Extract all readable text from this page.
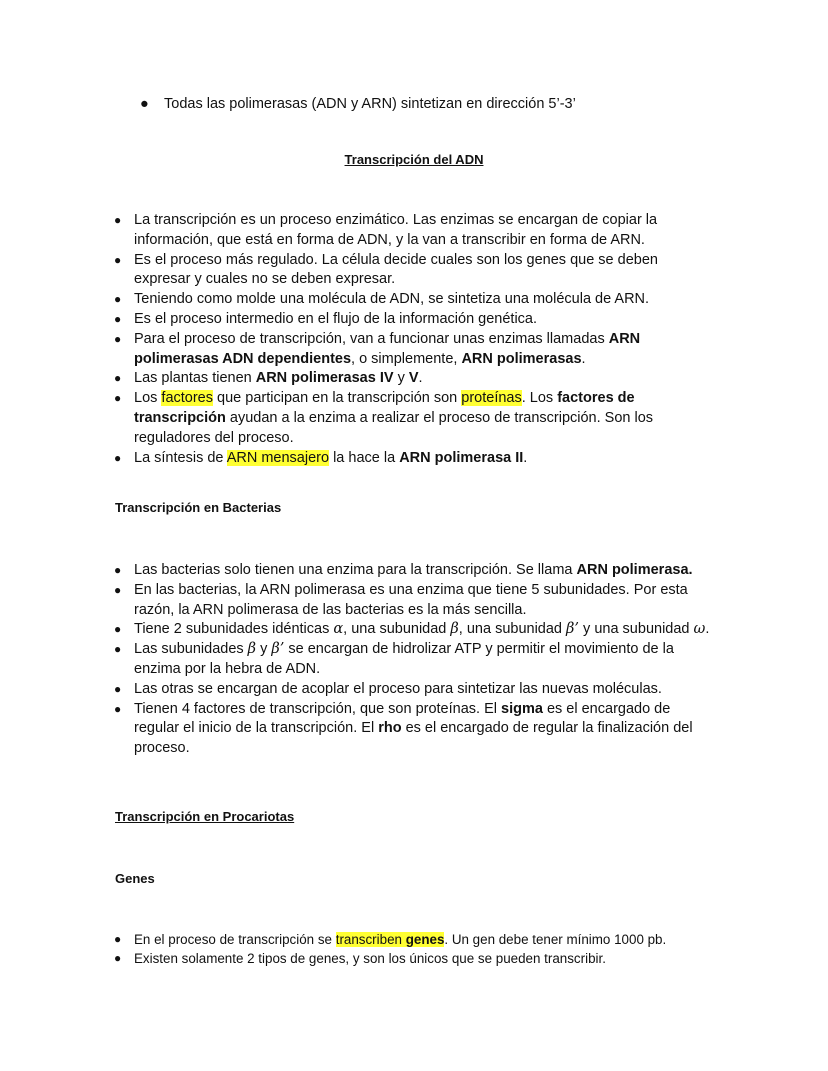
● Todas las polimerasas (ADN y ARN) sintetizan en dirección 5’-3’
Transcripción del ADN
● La transcripción es un proceso enzimático. Las enzimas se encargan de copiar la información, que está en forma de ADN, y la van a transcribir en forma de ARN.
● Es el proceso más regulado. La célula decide cuales son los genes que se deben expresar y cuales no se deben expresar.
● Teniendo como molde una molécula de ADN, se sintetiza una molécula de ARN.
● Es el proceso intermedio en el flujo de la información genética.
● Para el proceso de transcripción, van a funcionar unas enzimas llamadas ARN polimerasas ADN dependientes, o simplemente, ARN polimerasas.
● Las plantas tienen ARN polimerasas IV y V.
● Los factores que participan en la transcripción son proteínas. Los factores de transcripción ayudan a la enzima a realizar el proceso de transcripción. Son los reguladores del proceso.
● La síntesis de ARN mensajero la hace la ARN polimerasa II.
Transcripción en Bacterias
● Las bacterias solo tienen una enzima para la transcripción. Se llama ARN polimerasa.
● En las bacterias, la ARN polimerasa es una enzima que tiene 5 subunidades. Por esta razón, la ARN polimerasa de las bacterias es la más sencilla.
● Tiene 2 subunidades idénticas α, una subunidad β, una subunidad β’ y una subunidad ω.
● Las subunidades β y β’ se encargan de hidrolizar ATP y permitir el movimiento de la enzima por la hebra de ADN.
● Las otras se encargan de acoplar el proceso para sintetizar las nuevas moléculas.
● Tienen 4 factores de transcripción, que son proteínas. El sigma es el encargado de regular el inicio de la transcripción. El rho es el encargado de regular la finalización del proceso.
Transcripción en Procariotas
Genes
● En el proceso de transcripción se transcriben genes. Un gen debe tener mínimo 1000 pb.
● Existen solamente 2 tipos de genes, y son los únicos que se pueden transcribir.
